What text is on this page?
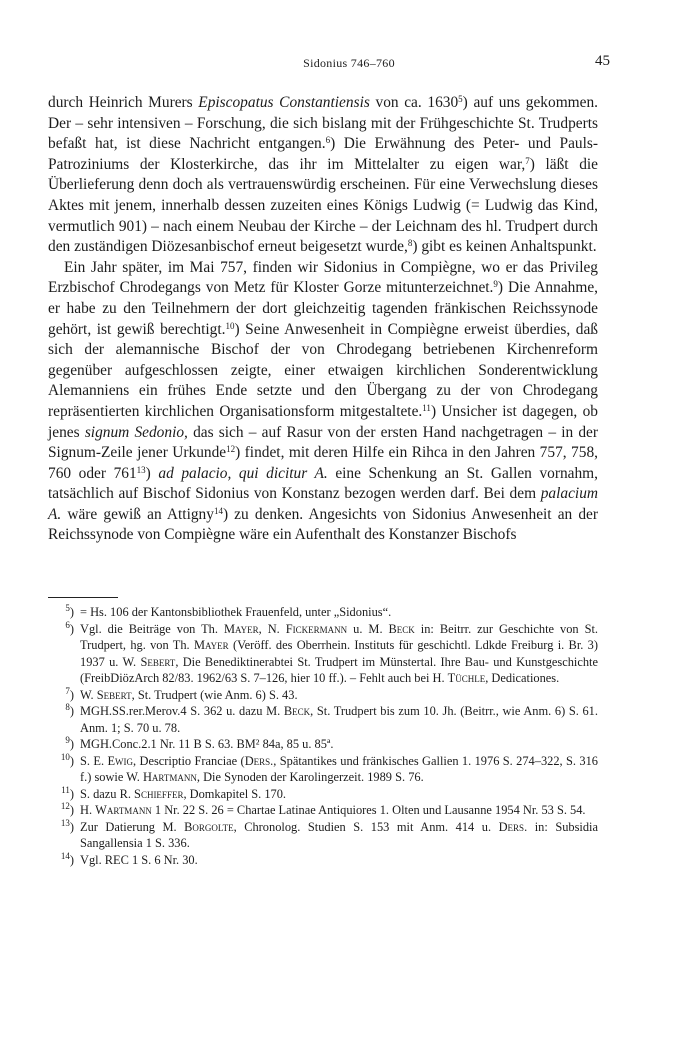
Sidonius 746–760	45

durch Heinrich Murers Episcopatus Constantiensis von ca. 1630$^5$) auf uns gekommen. Der – sehr intensiven – Forschung, die sich bislang mit der Frühgeschichte St. Trudperts befaßt hat, ist diese Nachricht entgangen.$^6$) Die Erwähnung des Peter- und Pauls-Patroziniums der Klosterkirche, das ihr im Mittelalter zu eigen war,$^7$) läßt die Überlieferung denn doch als vertrauenswürdig erscheinen. Für eine Verwechslung dieses Aktes mit jenem, innerhalb dessen zuzeiten eines Königs Ludwig (= Ludwig das Kind, vermutlich 901) – nach einem Neubau der Kirche – der Leichnam des hl. Trudpert durch den zuständigen Diözesanbischof erneut beigesetzt wurde,$^8$) gibt es keinen Anhaltspunkt.

Ein Jahr später, im Mai 757, finden wir Sidonius in Compiègne, wo er das Privileg Erzbischof Chrodegangs von Metz für Kloster Gorze mitunterzeichnet.$^9$) Die Annahme, er habe zu den Teilnehmern der dort gleichzeitig tagenden fränkischen Reichssynode gehört, ist gewiß berechtigt.$^{10}$) Seine Anwesenheit in Compiègne erweist überdies, daß sich der alemannische Bischof der von Chrodegang betriebenen Kirchenreform gegenüber aufgeschlossen zeigte, einer etwaigen kirchlichen Sonderentwicklung Alemanniens ein frühes Ende setzte und den Übergang zu der von Chrodegang repräsentierten kirchlichen Organisationsform mitgestaltete.$^{11}$) Unsicher ist dagegen, ob jenes signum Sedonio, das sich – auf Rasur von der ersten Hand nachgetragen – in der Signum-Zeile jener Urkunde$^{12}$) findet, mit deren Hilfe ein Rihca in den Jahren 757, 758, 760 oder $761^{13}$) ad palacio, qui dicitur A. eine Schenkung an St. Gallen vornahm, tatsächlich auf Bischof Sidonius von Konstanz bezogen werden darf. Bei dem palacium A. wäre gewiß an Attigny$^{14}$) zu denken. Angesichts von Sidonius Anwesenheit an der Reichssynode von Compiègne wäre ein Aufenthalt des Konstanzer Bischofs

$^5$) = Hs. 106 der Kantonsbibliothek Frauenfeld, unter „Sidonius“.
$^6$) Vgl. die Beiträge von Th. Mayer, N. Fickermann u. M. Beck in: Beitrr. zur Geschichte von St. Trudpert, hg. von Th. Mayer (Veröff. des Oberrhein. Instituts für geschichtl. Ldkde Freiburg i. Br. 3) 1937 u. W. Sebert, Die Benediktinerabtei St. Trudpert im Münstertal. Ihre Bau- und Kunstgeschichte (FreibDiözArch 82/83. 1962/63 S. 7–126, hier 10 ff.). – Fehlt auch bei H. Tüchle, Dedicationes.
$^7$) W. Sebert, St. Trudpert (wie Anm. 6) S. 43.
$^8$) MGH.SS.rer.Merov.4 S. 362 u. dazu M. Beck, St. Trudpert bis zum 10. Jh. (Beitrr., wie Anm. 6) S. 61. Anm. 1; S. 70 u. 78.
$^9$) MGH.Conc.2.1 Nr. 11 B S. 63. BM² 84a, 85 u. 85ª.
$^{10}$) S. E. Ewig, Descriptio Franciae (Ders., Spätantikes und fränkisches Gallien 1. 1976 S. 274–322, S. 316 f.) sowie W. Hartmann, Die Synoden der Karolingerzeit. 1989 S. 76.
$^{11}$) S. dazu R. Schieffer, Domkapitel S. 170.
$^{12}$) H. Wartmann 1 Nr. 22 S. 26 = Chartae Latinae Antiquiores 1. Olten und Lausanne 1954 Nr. 53 S. 54.
$^{13}$) Zur Datierung M. Borgolte, Chronolog. Studien S. 153 mit Anm. 414 u. Ders. in: Subsidia Sangallensia 1 S. 336.
$^{14}$) Vgl. REC 1 S. 6 Nr. 30.
